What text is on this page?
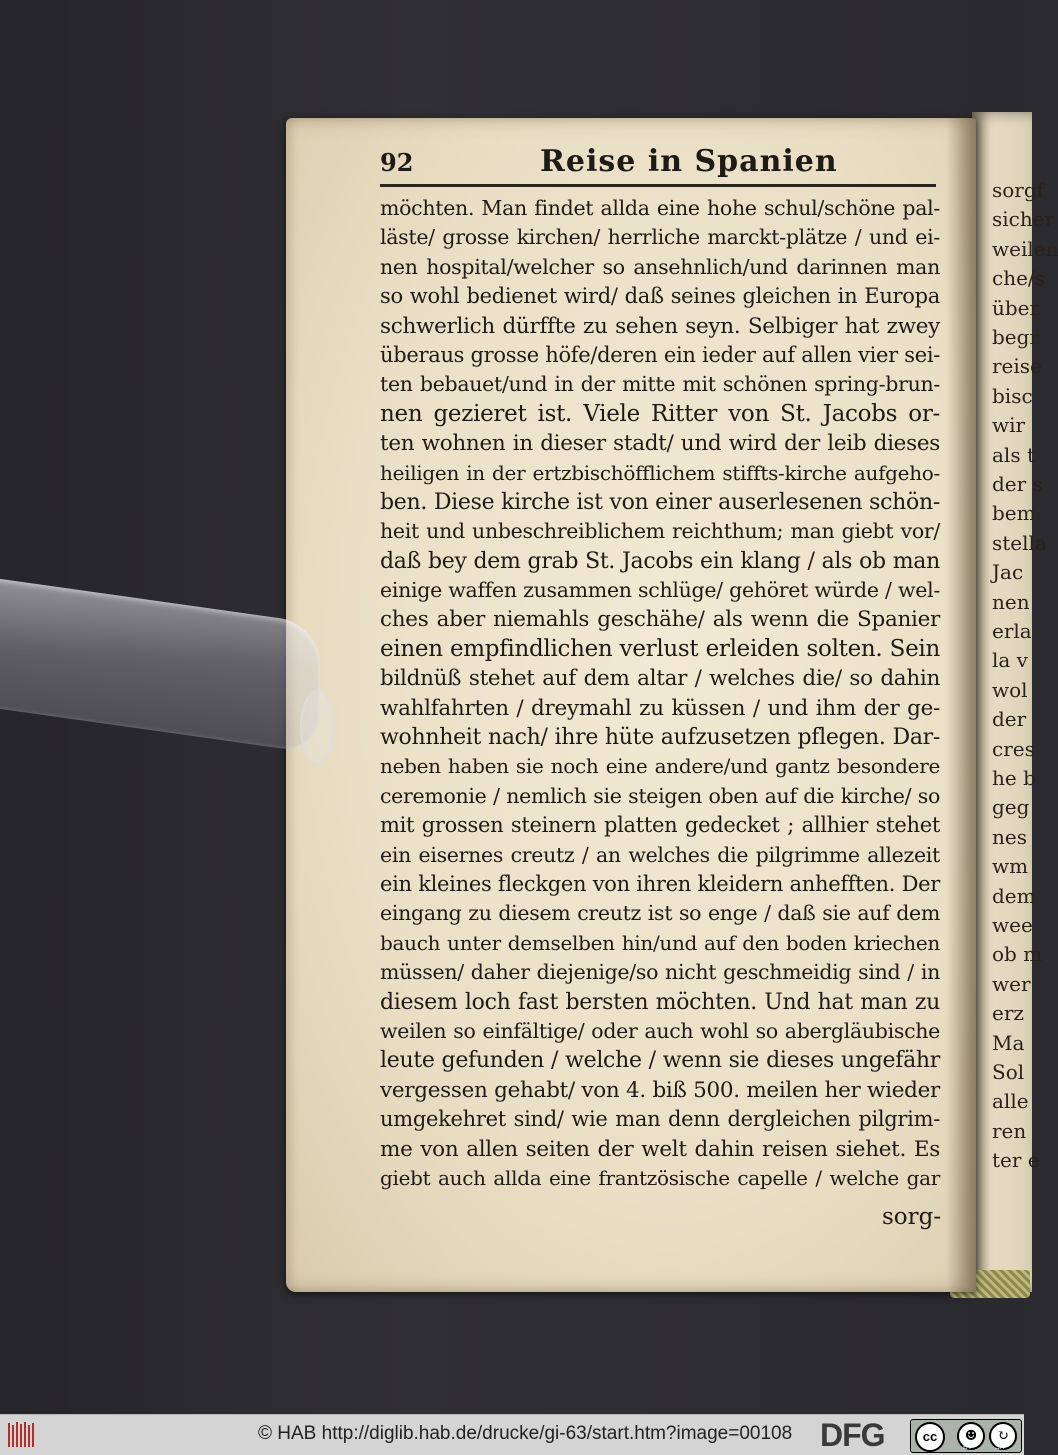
sorgf
sicher
weilen
che/s
über
begr
reise
bisc
wir
als t
der s
bem
stella
Jac
nen
erla
la v
wol
der
cres
he b
geg
nes
wm
dem
wee
ob m
wer
erz
Ma
Sol
alle
ren
ter e
92	Reise in Spanien
möchten. Man findet allda eine hohe schul/schöne pal-
läste/ grosse kirchen/ herrliche marckt-plätze / und ei-
nen hospital/welcher so ansehnlich/und darinnen man
so wohl bedienet wird/ daß seines gleichen in Europa
schwerlich dürffte zu sehen seyn. Selbiger hat zwey
überaus grosse höfe/deren ein ieder auf allen vier sei-
ten bebauet/und in der mitte mit schönen spring-brun-
nen gezieret ist. Viele Ritter von St. Jacobs or-
ten wohnen in dieser stadt/ und wird der leib dieses
heiligen in der ertzbischöfflichem stiffts-kirche aufgeho-
ben. Diese kirche ist von einer auserlesenen schön-
heit und unbeschreiblichem reichthum; man giebt vor/
daß bey dem grab St. Jacobs ein klang / als ob man
einige waffen zusammen schlüge/ gehöret würde / wel-
ches aber niemahls geschähe/ als wenn die Spanier
einen empfindlichen verlust erleiden solten. Sein
bildnüß stehet auf dem altar / welches die/ so dahin
wahlfahrten / dreymahl zu küssen / und ihm der ge-
wohnheit nach/ ihre hüte aufzusetzen pflegen. Dar-
neben haben sie noch eine andere/und gantz besondere
ceremonie / nemlich sie steigen oben auf die kirche/ so
mit grossen steinern platten gedecket ; allhier stehet
ein eisernes creutz / an welches die pilgrimme allezeit
ein kleines fleckgen von ihren kleidern anhefften. Der
eingang zu diesem creutz ist so enge / daß sie auf dem
bauch unter demselben hin/und auf den boden kriechen
müssen/ daher diejenige/so nicht geschmeidig sind / in
diesem loch fast bersten möchten. Und hat man zu
weilen so einfältige/ oder auch wohl so abergläubische
leute gefunden / welche / wenn sie dieses ungefähr
vergessen gehabt/ von 4. biß 500. meilen her wieder
umgekehret sind/ wie man denn dergleichen pilgrim-
me von allen seiten der welt dahin reisen siehet. Es
giebt auch allda eine frantzösische capelle / welche gar
sorg-
© HAB http://diglib.hab.de/drucke/gi-63/start.htm?image=00108 DFG	cc	☻	↻
BY	SA
